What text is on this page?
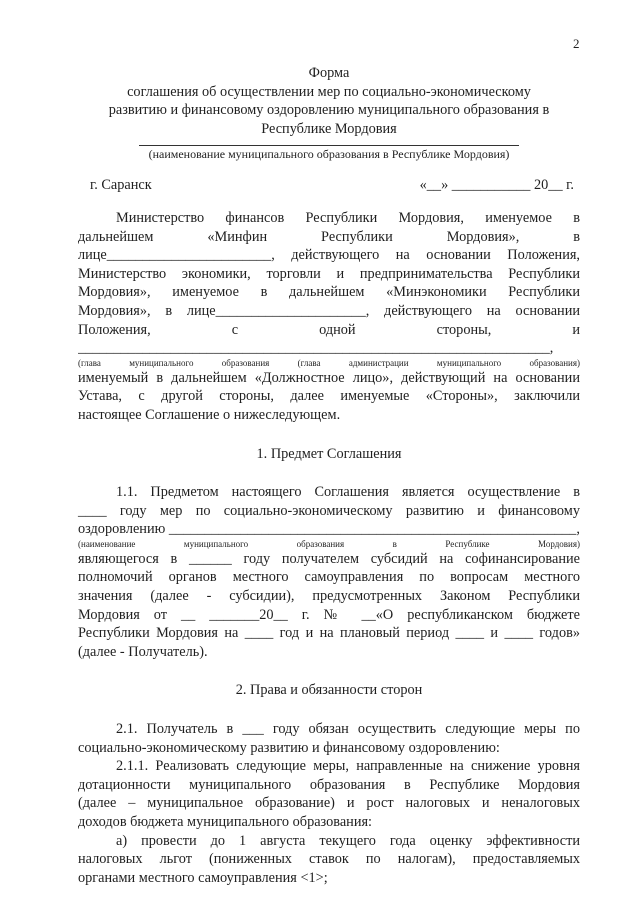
2

Форма

соглашения об осуществлении мер по социально-экономическому

развитию и финансовому оздоровлению муниципального образования в

Республике Мордовия

(наименование муниципального образования в Республике Мордовия)

г. Саранск	«__» ___________ 20__ г.

Министерство финансов Республики Мордовия, именуемое в

дальнейшем «Минфин Республики Мордовия», в

лице_______________________, действующего на основании Положения,

Министерство экономики, торговли и предпринимательства Республики

Мордовия», именуемое в дальнейшем «Минэкономики Республики

Мордовия», в лице_____________________, действующего на основании

Положения, с одной стороны, и

__________________________________________________________________,

(глава муниципального образования (глава администрации муниципального образования)

именуемый в дальнейшем «Должностное лицо», действующий на основании

Устава, с другой стороны, далее именуемые «Стороны», заключили

настоящее Соглашение о нижеследующем.

1. Предмет Соглашения

1.1. Предметом настоящего Соглашения является осуществление в

____ году мер по социально-экономическому развитию и финансовому

оздоровлению _________________________________________________________,

(наименование муниципального образования в Республике Мордовия)

являющегося в ______ году получателем субсидий на софинансирование

полномочий органов местного самоуправления по вопросам местного

значения (далее - субсидии), предусмотренных Законом Республики

Мордовия от __ _______20__ г. № __«О республиканском бюджете

Республики Мордовия на ____ год и на плановый период ____ и ____ годов»

(далее - Получатель).

2. Права и обязанности сторон

2.1. Получатель в ___ году обязан осуществить следующие меры по

социально-экономическому развитию и финансовому оздоровлению:

2.1.1. Реализовать следующие меры, направленные на снижение уровня

дотационности муниципального образования в Республике Мордовия

(далее – муниципальное образование) и рост налоговых и неналоговых

доходов бюджета муниципального образования:

а) провести до 1 августа текущего года оценку эффективности

налоговых льгот (пониженных ставок по налогам), предоставляемых

органами местного самоуправления <1>;
